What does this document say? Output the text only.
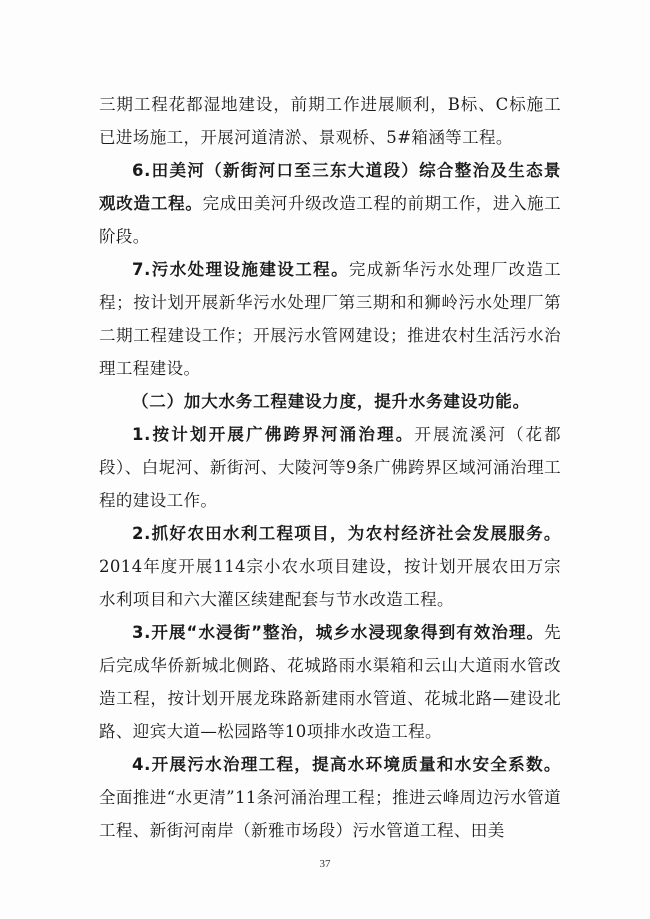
三期工程花都湿地建设，前期工作进展顺利，B标、C标施工已进场施工，开展河道清淤、景观桥、5#箱涵等工程。

6.田美河（新街河口至三东大道段）综合整治及生态景观改造工程。完成田美河升级改造工程的前期工作，进入施工阶段。

7.污水处理设施建设工程。完成新华污水处理厂改造工程；按计划开展新华污水处理厂第三期和和狮岭污水处理厂第二期工程建设工作；开展污水管网建设；推进农村生活污水治理工程建设。

（二）加大水务工程建设力度，提升水务建设功能。

1.按计划开展广佛跨界河涌治理。开展流溪河（花都段）、白坭河、新街河、大陵河等9条广佛跨界区域河涌治理工程的建设工作。

2.抓好农田水利工程项目，为农村经济社会发展服务。2014年度开展114宗小农水项目建设，按计划开展农田万宗水利项目和六大灌区续建配套与节水改造工程。

3.开展“水浸街”整治，城乡水浸现象得到有效治理。先后完成华侨新城北侧路、花城路雨水渠箱和云山大道雨水管改造工程，按计划开展龙珠路新建雨水管道、花城北路—建设北路、迎宾大道—松园路等10项排水改造工程。

4.开展污水治理工程，提高水环境质量和水安全系数。全面推进“水更清”11条河涌治理工程；推进云峰周边污水管道工程、新街河南岸（新雅市场段）污水管道工程、田美

37
